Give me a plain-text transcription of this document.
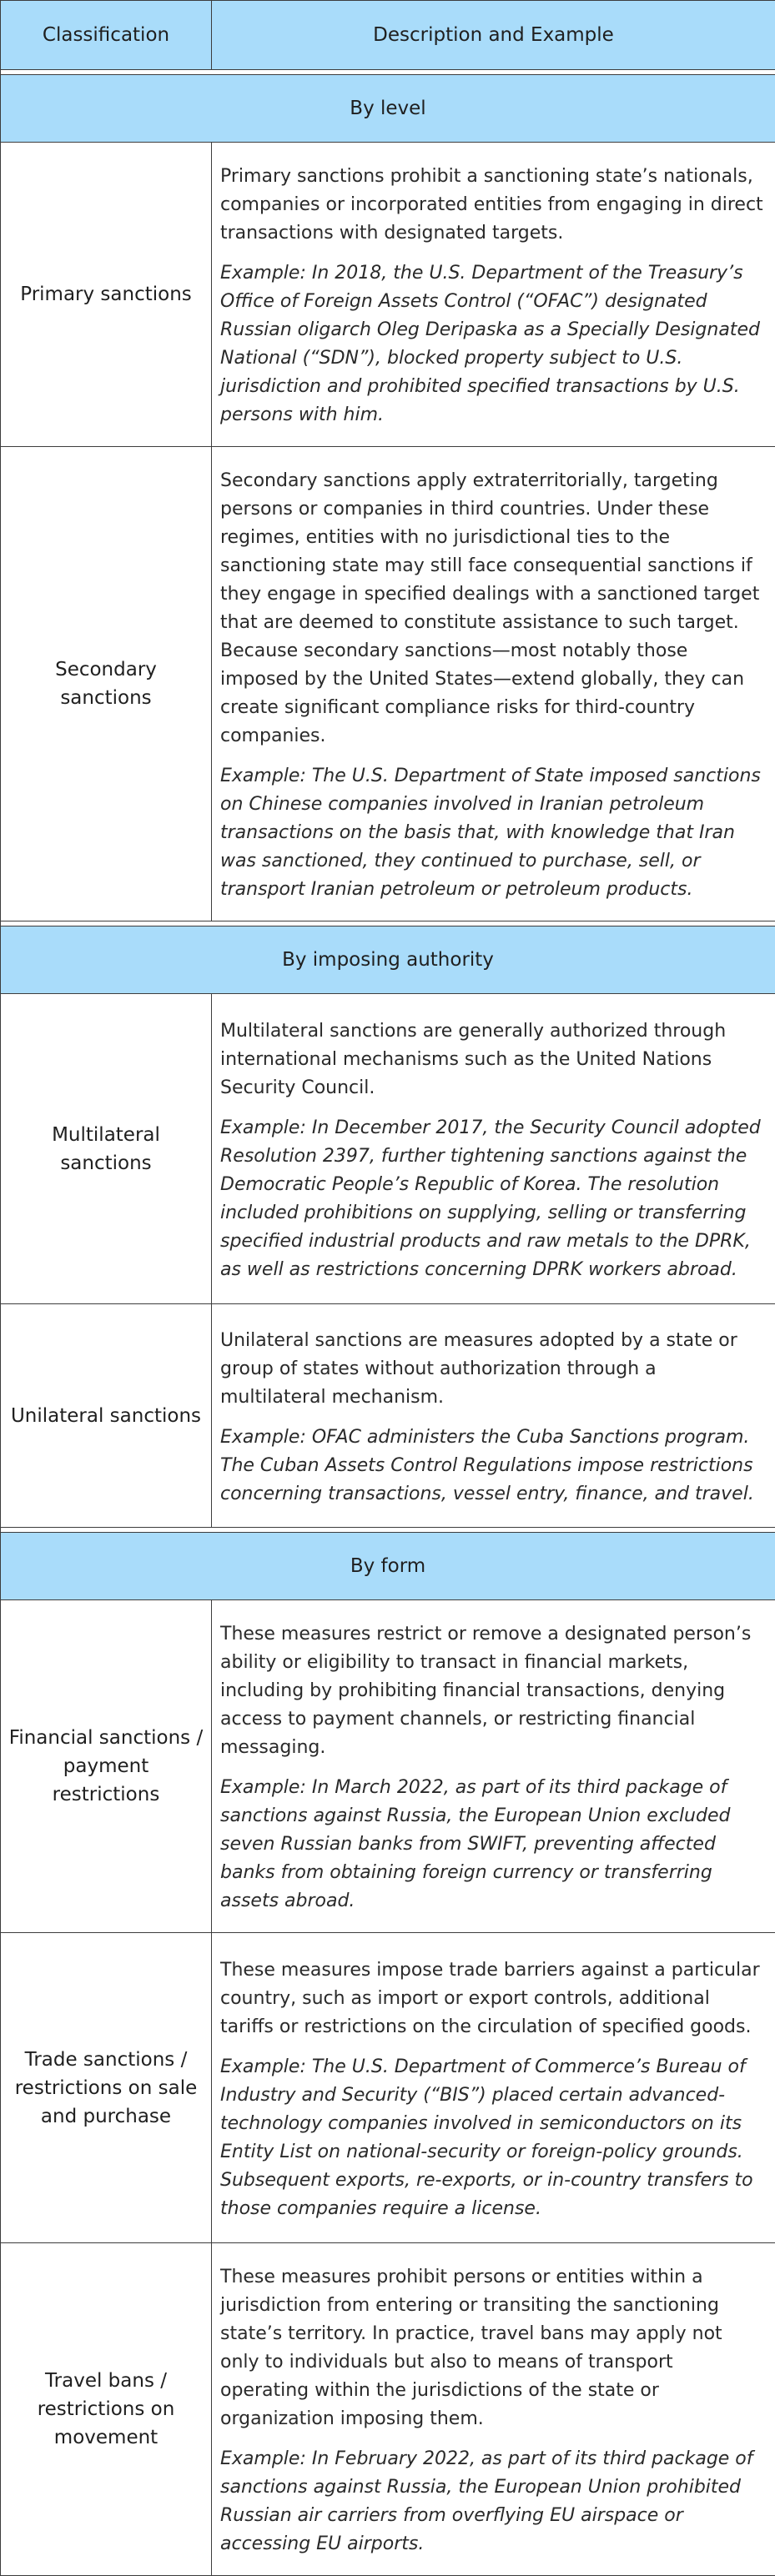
Classification	Description and Example

By level	
Primary sanctions	Primary sanctions prohibit a sanctioning state’s nationals, companies or incorporated entities from engaging in direct transactions with designated targets.

Example: In 2018, the U.S. Department of the Treasury’s Office of Foreign Assets Control (“OFAC”) designated Russian oligarch Oleg Deripaska as a Specially Designated National (“SDN”), blocked property subject to U.S. jurisdiction and prohibited specified transactions by U.S. persons with him.

Secondary sanctions	Secondary sanctions apply extraterritorially, targeting persons or companies in third countries. Under these regimes, entities with no jurisdictional ties to the sanctioning state may still face consequential sanctions if they engage in specified dealings with a sanctioned target that are deemed to constitute assistance to such target. Because secondary sanctions—most notably those imposed by the United States—extend globally, they can create significant compliance risks for third-country companies.

Example: The U.S. Department of State imposed sanctions on Chinese companies involved in Iranian petroleum transactions on the basis that, with knowledge that Iran was sanctioned, they continued to purchase, sell, or transport Iranian petroleum or petroleum products.

By imposing authority	
Multilateral sanctions	Multilateral sanctions are generally authorized through international mechanisms such as the United Nations Security Council.

Example: In December 2017, the Security Council adopted Resolution 2397, further tightening sanctions against the Democratic People’s Republic of Korea. The resolution included prohibitions on supplying, selling or transferring specified industrial products and raw metals to the DPRK, as well as restrictions concerning DPRK workers abroad.

Unilateral sanctions	Unilateral sanctions are measures adopted by a state or group of states without authorization through a multilateral mechanism.

Example: OFAC administers the Cuba Sanctions program. The Cuban Assets Control Regulations impose restrictions concerning transactions, vessel entry, finance, and travel.

By form	
Financial sanctions / payment restrictions	These measures restrict or remove a designated person’s ability or eligibility to transact in financial markets, including by prohibiting financial transactions, denying access to payment channels, or restricting financial messaging.

Example: In March 2022, as part of its third package of sanctions against Russia, the European Union excluded seven Russian banks from SWIFT, preventing affected banks from obtaining foreign currency or transferring assets abroad.

Trade sanctions / restrictions on sale and purchase	These measures impose trade barriers against a particular country, such as import or export controls, additional tariffs or restrictions on the circulation of specified goods.

Example: The U.S. Department of Commerce’s Bureau of Industry and Security (“BIS”) placed certain advanced-technology companies involved in semiconductors on its Entity List on national-security or foreign-policy grounds. Subsequent exports, re-exports, or in-country transfers to those companies require a license.

Travel bans / restrictions on movement	These measures prohibit persons or entities within a jurisdiction from entering or transiting the sanctioning state’s territory. In practice, travel bans may apply not only to individuals but also to means of transport operating within the jurisdictions of the state or organization imposing them.

Example: In February 2022, as part of its third package of sanctions against Russia, the European Union prohibited Russian air carriers from overflying EU airspace or accessing EU airports.
